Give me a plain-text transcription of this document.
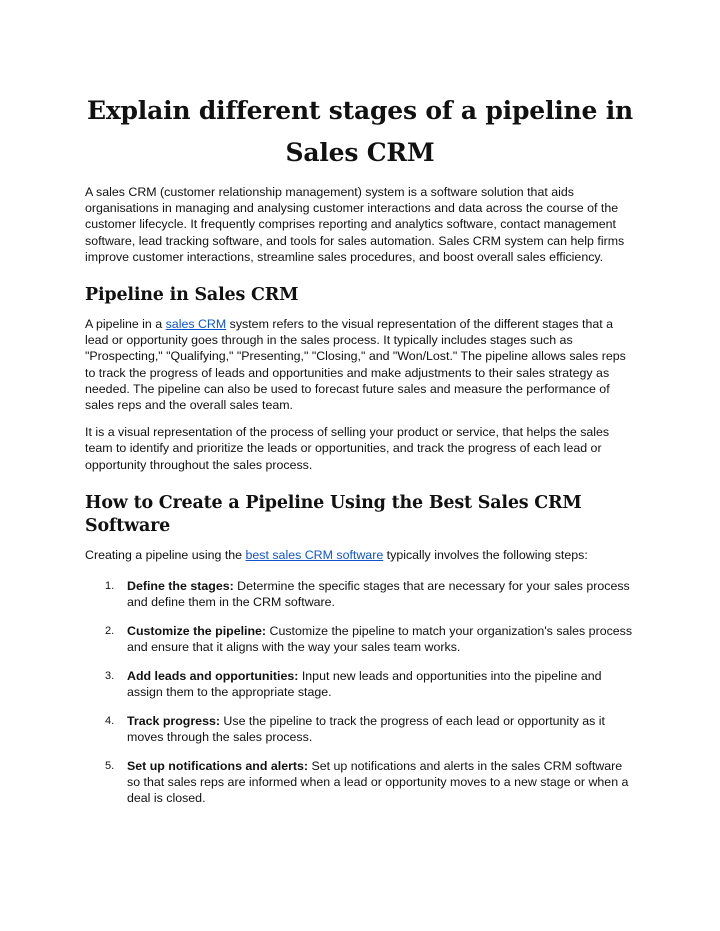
Explain different stages of a pipeline in Sales CRM

A sales CRM (customer relationship management) system is a software solution that aids organisations in managing and analysing customer interactions and data across the course of the customer lifecycle. It frequently comprises reporting and analytics software, contact management software, lead tracking software, and tools for sales automation. Sales CRM system can help firms improve customer interactions, streamline sales procedures, and boost overall sales efficiency.

Pipeline in Sales CRM

A pipeline in a sales CRM system refers to the visual representation of the different stages that a lead or opportunity goes through in the sales process. It typically includes stages such as "Prospecting," "Qualifying," "Presenting," "Closing," and "Won/Lost." The pipeline allows sales reps to track the progress of leads and opportunities and make adjustments to their sales strategy as needed. The pipeline can also be used to forecast future sales and measure the performance of sales reps and the overall sales team.

It is a visual representation of the process of selling your product or service, that helps the sales team to identify and prioritize the leads or opportunities, and track the progress of each lead or opportunity throughout the sales process.

How to Create a Pipeline Using the Best Sales CRM Software

Creating a pipeline using the best sales CRM software typically involves the following steps:

1. Define the stages: Determine the specific stages that are necessary for your sales process and define them in the CRM software.
2. Customize the pipeline: Customize the pipeline to match your organization's sales process and ensure that it aligns with the way your sales team works.
3. Add leads and opportunities: Input new leads and opportunities into the pipeline and assign them to the appropriate stage.
4. Track progress: Use the pipeline to track the progress of each lead or opportunity as it moves through the sales process.
5. Set up notifications and alerts: Set up notifications and alerts in the sales CRM software so that sales reps are informed when a lead or opportunity moves to a new stage or when a deal is closed.
